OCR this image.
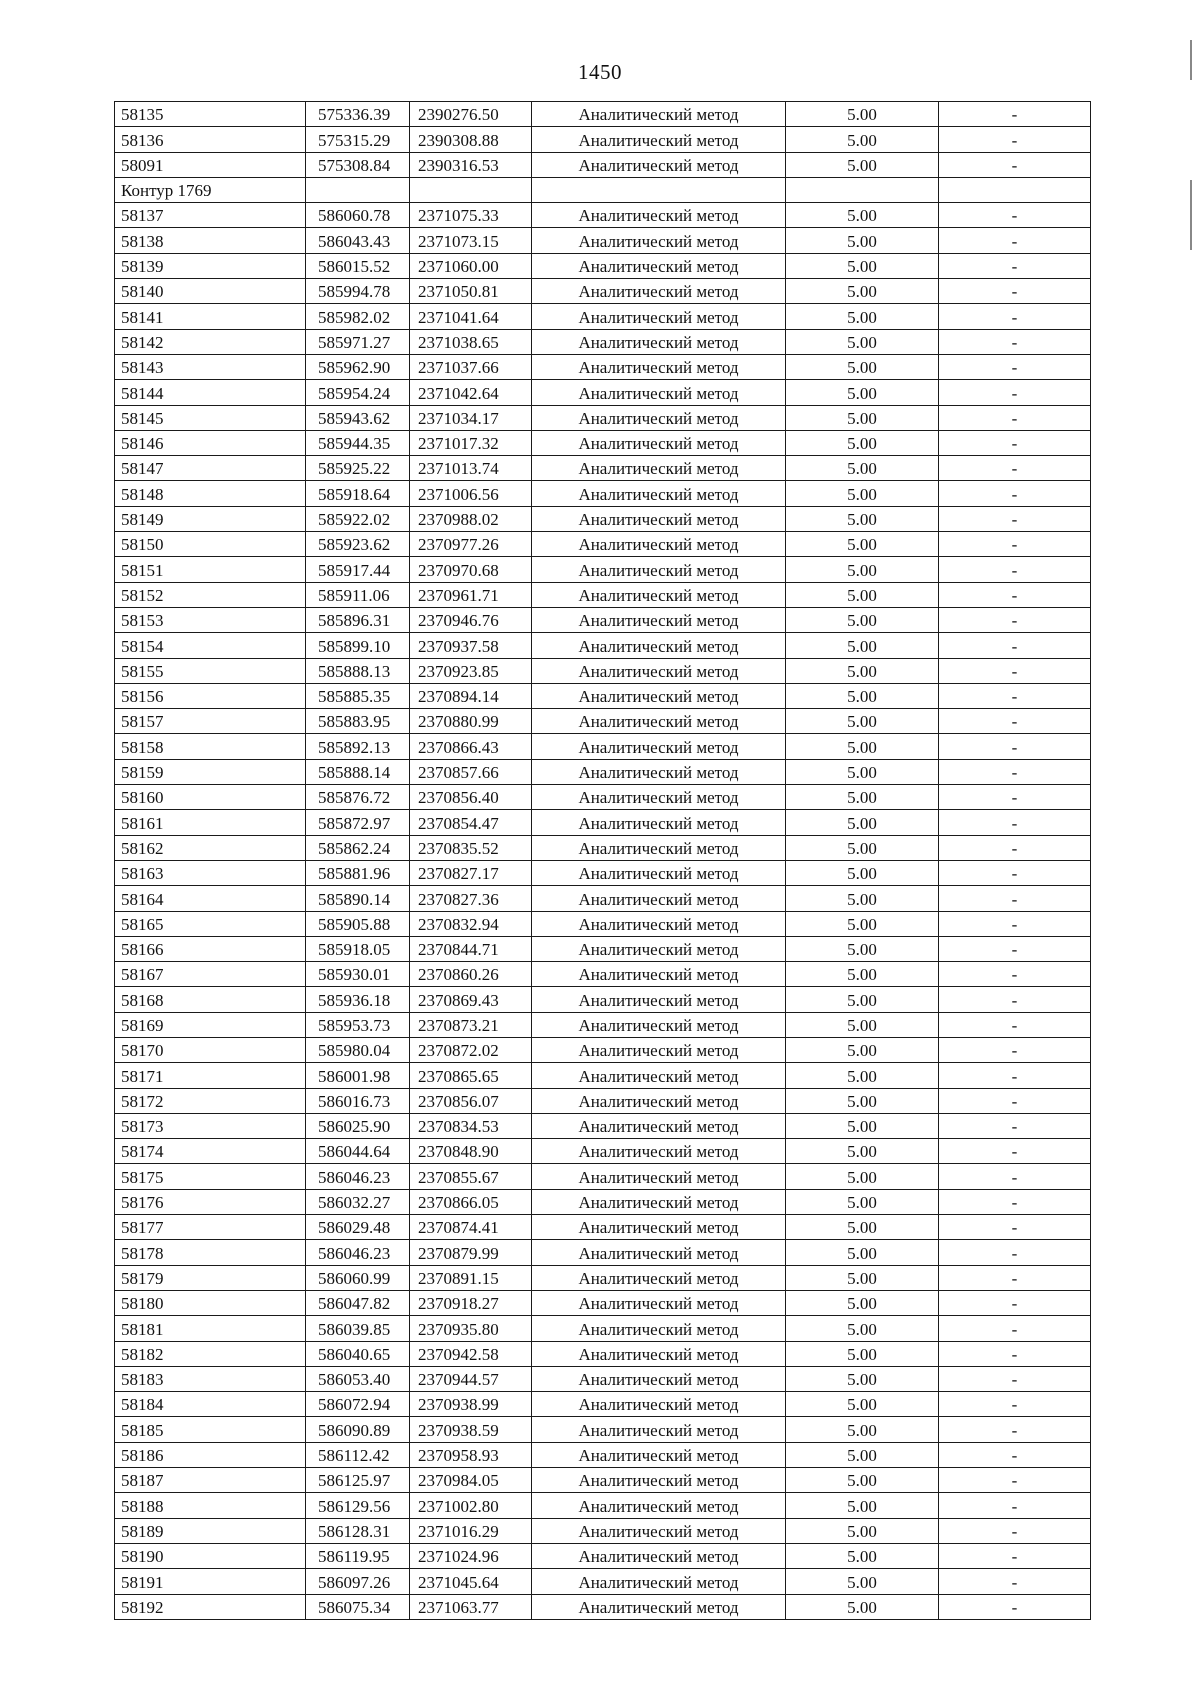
1450
58135	575336.39	2390276.50	Аналитический метод	5.00	-
58136	575315.29	2390308.88	Аналитический метод	5.00	-
58091	575308.84	2390316.53	Аналитический метод	5.00	-
Контур 1769					
58137	586060.78	2371075.33	Аналитический метод	5.00	-
58138	586043.43	2371073.15	Аналитический метод	5.00	-
58139	586015.52	2371060.00	Аналитический метод	5.00	-
58140	585994.78	2371050.81	Аналитический метод	5.00	-
58141	585982.02	2371041.64	Аналитический метод	5.00	-
58142	585971.27	2371038.65	Аналитический метод	5.00	-
58143	585962.90	2371037.66	Аналитический метод	5.00	-
58144	585954.24	2371042.64	Аналитический метод	5.00	-
58145	585943.62	2371034.17	Аналитический метод	5.00	-
58146	585944.35	2371017.32	Аналитический метод	5.00	-
58147	585925.22	2371013.74	Аналитический метод	5.00	-
58148	585918.64	2371006.56	Аналитический метод	5.00	-
58149	585922.02	2370988.02	Аналитический метод	5.00	-
58150	585923.62	2370977.26	Аналитический метод	5.00	-
58151	585917.44	2370970.68	Аналитический метод	5.00	-
58152	585911.06	2370961.71	Аналитический метод	5.00	-
58153	585896.31	2370946.76	Аналитический метод	5.00	-
58154	585899.10	2370937.58	Аналитический метод	5.00	-
58155	585888.13	2370923.85	Аналитический метод	5.00	-
58156	585885.35	2370894.14	Аналитический метод	5.00	-
58157	585883.95	2370880.99	Аналитический метод	5.00	-
58158	585892.13	2370866.43	Аналитический метод	5.00	-
58159	585888.14	2370857.66	Аналитический метод	5.00	-
58160	585876.72	2370856.40	Аналитический метод	5.00	-
58161	585872.97	2370854.47	Аналитический метод	5.00	-
58162	585862.24	2370835.52	Аналитический метод	5.00	-
58163	585881.96	2370827.17	Аналитический метод	5.00	-
58164	585890.14	2370827.36	Аналитический метод	5.00	-
58165	585905.88	2370832.94	Аналитический метод	5.00	-
58166	585918.05	2370844.71	Аналитический метод	5.00	-
58167	585930.01	2370860.26	Аналитический метод	5.00	-
58168	585936.18	2370869.43	Аналитический метод	5.00	-
58169	585953.73	2370873.21	Аналитический метод	5.00	-
58170	585980.04	2370872.02	Аналитический метод	5.00	-
58171	586001.98	2370865.65	Аналитический метод	5.00	-
58172	586016.73	2370856.07	Аналитический метод	5.00	-
58173	586025.90	2370834.53	Аналитический метод	5.00	-
58174	586044.64	2370848.90	Аналитический метод	5.00	-
58175	586046.23	2370855.67	Аналитический метод	5.00	-
58176	586032.27	2370866.05	Аналитический метод	5.00	-
58177	586029.48	2370874.41	Аналитический метод	5.00	-
58178	586046.23	2370879.99	Аналитический метод	5.00	-
58179	586060.99	2370891.15	Аналитический метод	5.00	-
58180	586047.82	2370918.27	Аналитический метод	5.00	-
58181	586039.85	2370935.80	Аналитический метод	5.00	-
58182	586040.65	2370942.58	Аналитический метод	5.00	-
58183	586053.40	2370944.57	Аналитический метод	5.00	-
58184	586072.94	2370938.99	Аналитический метод	5.00	-
58185	586090.89	2370938.59	Аналитический метод	5.00	-
58186	586112.42	2370958.93	Аналитический метод	5.00	-
58187	586125.97	2370984.05	Аналитический метод	5.00	-
58188	586129.56	2371002.80	Аналитический метод	5.00	-
58189	586128.31	2371016.29	Аналитический метод	5.00	-
58190	586119.95	2371024.96	Аналитический метод	5.00	-
58191	586097.26	2371045.64	Аналитический метод	5.00	-
58192	586075.34	2371063.77	Аналитический метод	5.00	-
